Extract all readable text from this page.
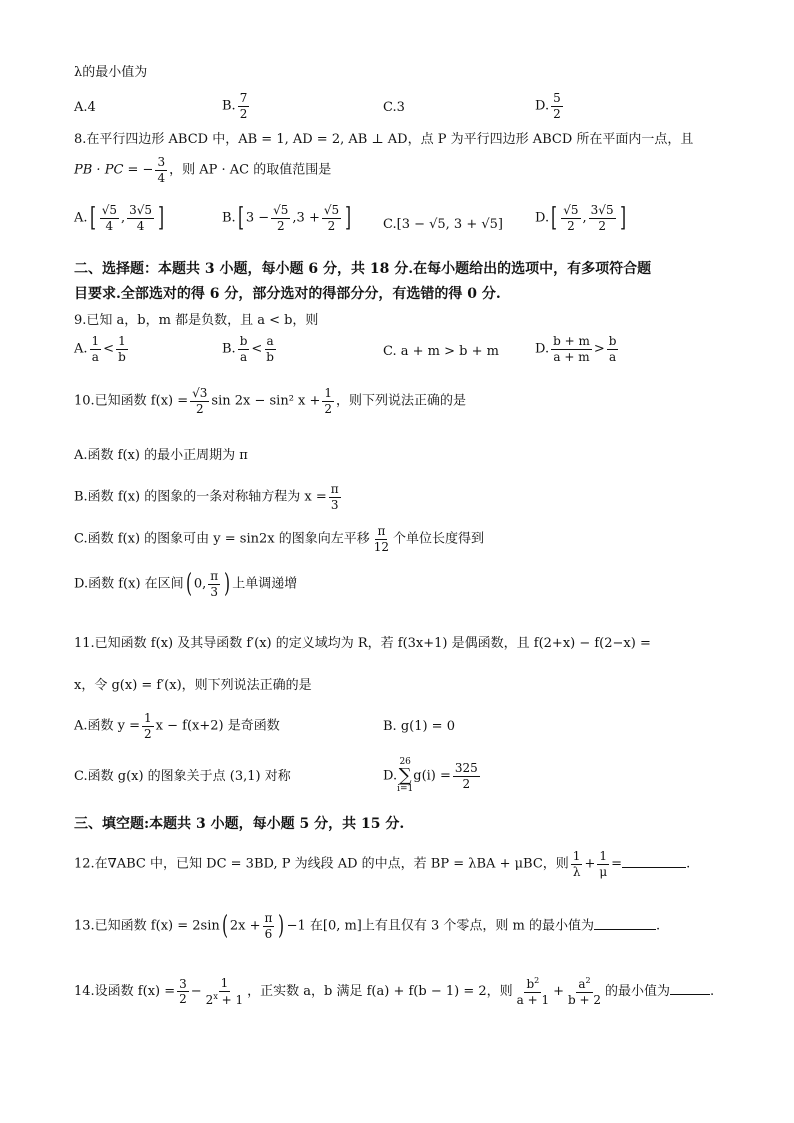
λ的最小值为
A.4	B. $\frac{7}{2}$	C.3	D. $\frac{5}{2}$
8.在平行四边形 ABCD 中，AB = 1, AD = 2, AB ⊥ AD，点 P 为平行四边形 ABCD 所在平面内一点，且
PB · PC = − $\frac{3}{4}$ ，则 AP · AC 的取值范围是
$A.[ \frac{√5}{4}$ , $\frac{3√5}{4}$ ]	B.[ $3 - \frac{√5}{2} ,3 + \frac{√5}{2}$ ] C.[3 − √5, 3 + √5] $D.[ \frac{√5}{2}$ , $\frac{3√5}{2}$ ]
二、选择题：本题共 3 小题，每小题 6 分，共 18 分.在每小题给出的选项中，有多项符合题
目要求.全部选对的得 6 分，部分选对的得部分分，有选错的得 0 分.
9.已知 a，b，m 都是负数，且 a < b，则
A. $\frac{1}{a} < \frac{1}{b}$	B. $\frac{b}{a} < \frac{a}{b}$	C. a + m > b + m	D. $\frac{b + m}{a + m} > \frac{b}{a}$
10.已知函数 $f(x) = \frac{√3}{2}$ sin 2x − sin² $x + \frac{1}{2}$ ，则下列说法正确的是
A.函数 f(x) 的最小正周期为 π
B.函数 f(x) 的图象的一条对称轴方程为 $x = \frac{\pi}{3}$
C.函数 f(x) 的图象可由 y = sin2x 的图象向左平移 $\frac{\pi}{12}$ 个单位长度得到
D.函数 f(x) 在区间( 0, $\frac{\pi}{3}$ ) 上单调递增
11.已知函数 f(x) 及其导函数 f′(x) 的定义域均为 R，若 f(3x+1) 是偶函数，且 f(2+x) − f(2−x) =
x，令 g(x) = f′(x)，则下列说法正确的是
A.函数 $y = \frac{1}{2}$ x − f(x+2) 是奇函数	B. g(1) = 0
C.函数 g(x) 的图象关于点 (3,1) 对称	D.
26
∑
i=1
$g(i) = \frac{325}{2}$
三、填空题:本题共 3 小题，每小题 5 分，共 15 分.
12.在∇ABC 中，已知 DC = 3BD, P 为线段 AD 的中点，若 BP = λBA + μBC，则 $\frac{1}{\lambda} + \frac{1}{\mu}$ =	.
13.已知函数 f(x) = 2sin( $2x + \frac{\pi}{6}$ ) −1 在[0, m]上有且仅有 3 个零点，则 m 的最小值为	.
14.设函数 $f(x) = \frac{3}{2} - \frac{1}{2^x + 1}$ ，正实数 a，b 满足 f(a) + f(b − 1) = 2，则 $\frac{b^2}{a + 1} + \frac{a^2}{b + 2}$ 的最小值为	.
